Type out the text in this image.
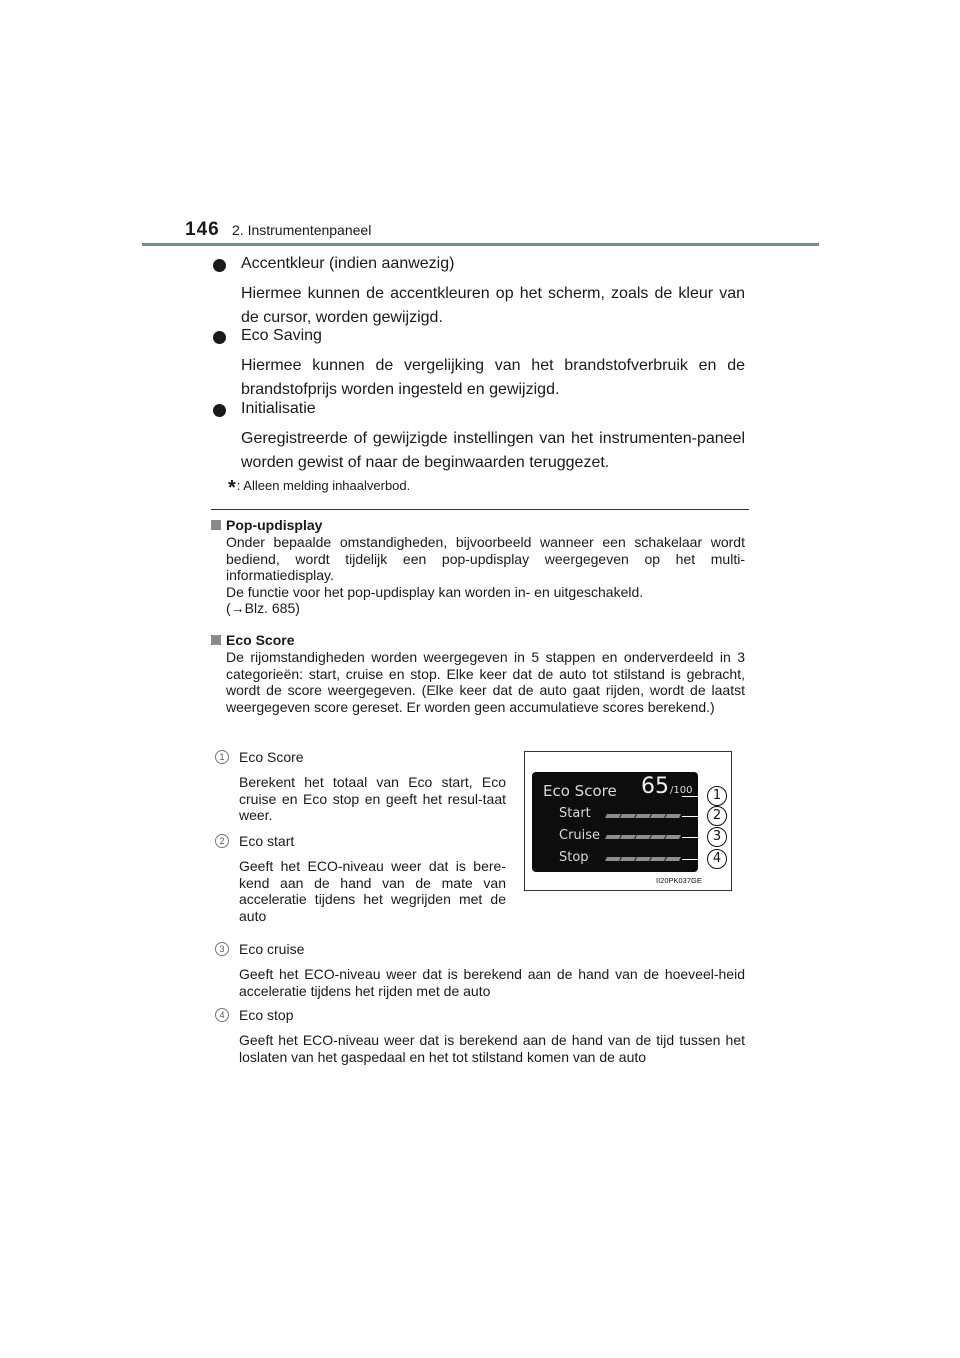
146 2. Instrumentenpaneel
Accentkleur (indien aanwezig)
Hiermee kunnen de accentkleuren op het scherm, zoals de kleur van de cursor, worden gewijzigd.
Eco Saving
Hiermee kunnen de vergelijking van het brandstofverbruik en de brandstofprijs worden ingesteld en gewijzigd.
Initialisatie
Geregistreerde of gewijzigde instellingen van het instrumenten-paneel worden gewist of naar de beginwaarden teruggezet.
*: Alleen melding inhaalverbod.
Pop-updisplay
Onder bepaalde omstandigheden, bijvoorbeeld wanneer een schakelaar wordt bediend, wordt tijdelijk een pop-updisplay weergegeven op het multi-informatiedisplay.
De functie voor het pop-updisplay kan worden in- en uitgeschakeld.
(→Blz. 685)
Eco Score
De rijomstandigheden worden weergegeven in 5 stappen en onderverdeeld in 3 categorieën: start, cruise en stop. Elke keer dat de auto tot stilstand is gebracht, wordt de score weergegeven. (Elke keer dat de auto gaat rijden, wordt de laatst weergegeven score gereset. Er worden geen accumulatieve scores berekend.)
1	Eco Score
Berekent het totaal van Eco start, Eco cruise en Eco stop en geeft het resul-taat weer.
2	Eco start
Geeft het ECO-niveau weer dat is bere-kend aan de hand van de mate van acceleratie tijdens het wegrijden met de auto
3	Eco cruise
Geeft het ECO-niveau weer dat is berekend aan de hand van de hoeveel-heid acceleratie tijdens het rijden met de auto
4	Eco stop
Geeft het ECO-niveau weer dat is berekend aan de hand van de tijd tussen het loslaten van het gaspedaal en het tot stilstand komen van de auto
Eco Score 65 /100
Start
Cruise
Stop
1
2
3
4
II20PK037GE
